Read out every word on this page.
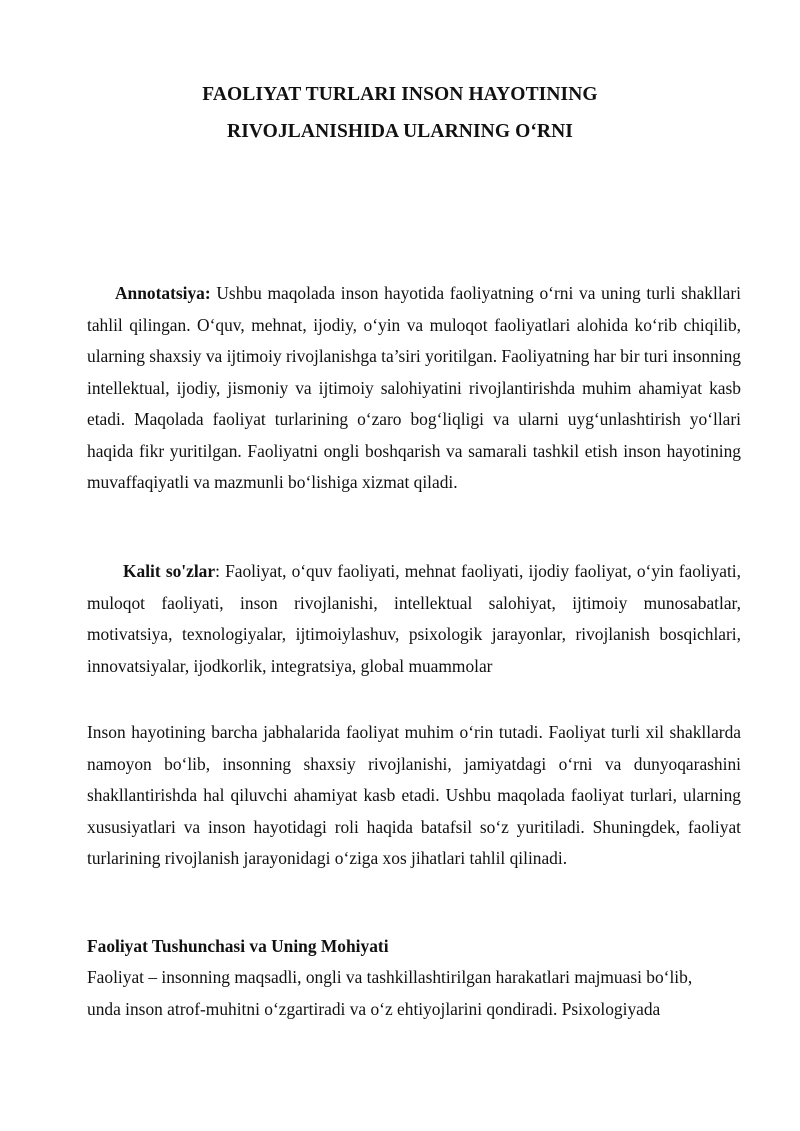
FAOLIYAT TURLARI INSON HAYOTINING
RIVOJLANISHIDA ULARNING O‘RNI

Annotatsiya: Ushbu maqolada inson hayotida faoliyatning o‘rni va uning turli shakllari tahlil qilingan. O‘quv, mehnat, ijodiy, o‘yin va muloqot faoliyatlari alohida ko‘rib chiqilib, ularning shaxsiy va ijtimoiy rivojlanishga ta’siri yoritilgan. Faoliyatning har bir turi insonning intellektual, ijodiy, jismoniy va ijtimoiy salohiyatini rivojlantirishda muhim ahamiyat kasb etadi. Maqolada faoliyat turlarining o‘zaro bog‘liqligi va ularni uyg‘unlashtirish yo‘llari haqida fikr yuritilgan. Faoliyatni ongli boshqarish va samarali tashkil etish inson hayotining muvaffaqiyatli va mazmunli bo‘lishiga xizmat qiladi.

Kalit so'zlar: Faoliyat, o‘quv faoliyati, mehnat faoliyati, ijodiy faoliyat, o‘yin faoliyati, muloqot faoliyati, inson rivojlanishi, intellektual salohiyat, ijtimoiy munosabatlar, motivatsiya, texnologiyalar, ijtimoiylashuv, psixologik jarayonlar, rivojlanish bosqichlari, innovatsiyalar, ijodkorlik, integratsiya, global muammolar

Inson hayotining barcha jabhalarida faoliyat muhim o‘rin tutadi. Faoliyat turli xil shakllarda namoyon bo‘lib, insonning shaxsiy rivojlanishi, jamiyatdagi o‘rni va dunyoqarashini shakllantirishda hal qiluvchi ahamiyat kasb etadi. Ushbu maqolada faoliyat turlari, ularning xususiyatlari va inson hayotidagi roli haqida batafsil so‘z yuritiladi. Shuningdek, faoliyat turlarining rivojlanish jarayonidagi o‘ziga xos jihatlari tahlil qilinadi.

Faoliyat Tushunchasi va Uning Mohiyati

Faoliyat – insonning maqsadli, ongli va tashkillashtirilgan harakatlari majmuasi bo‘lib,

unda inson atrof-muhitni o‘zgartiradi va o‘z ehtiyojlarini qondiradi. Psixologiyada
